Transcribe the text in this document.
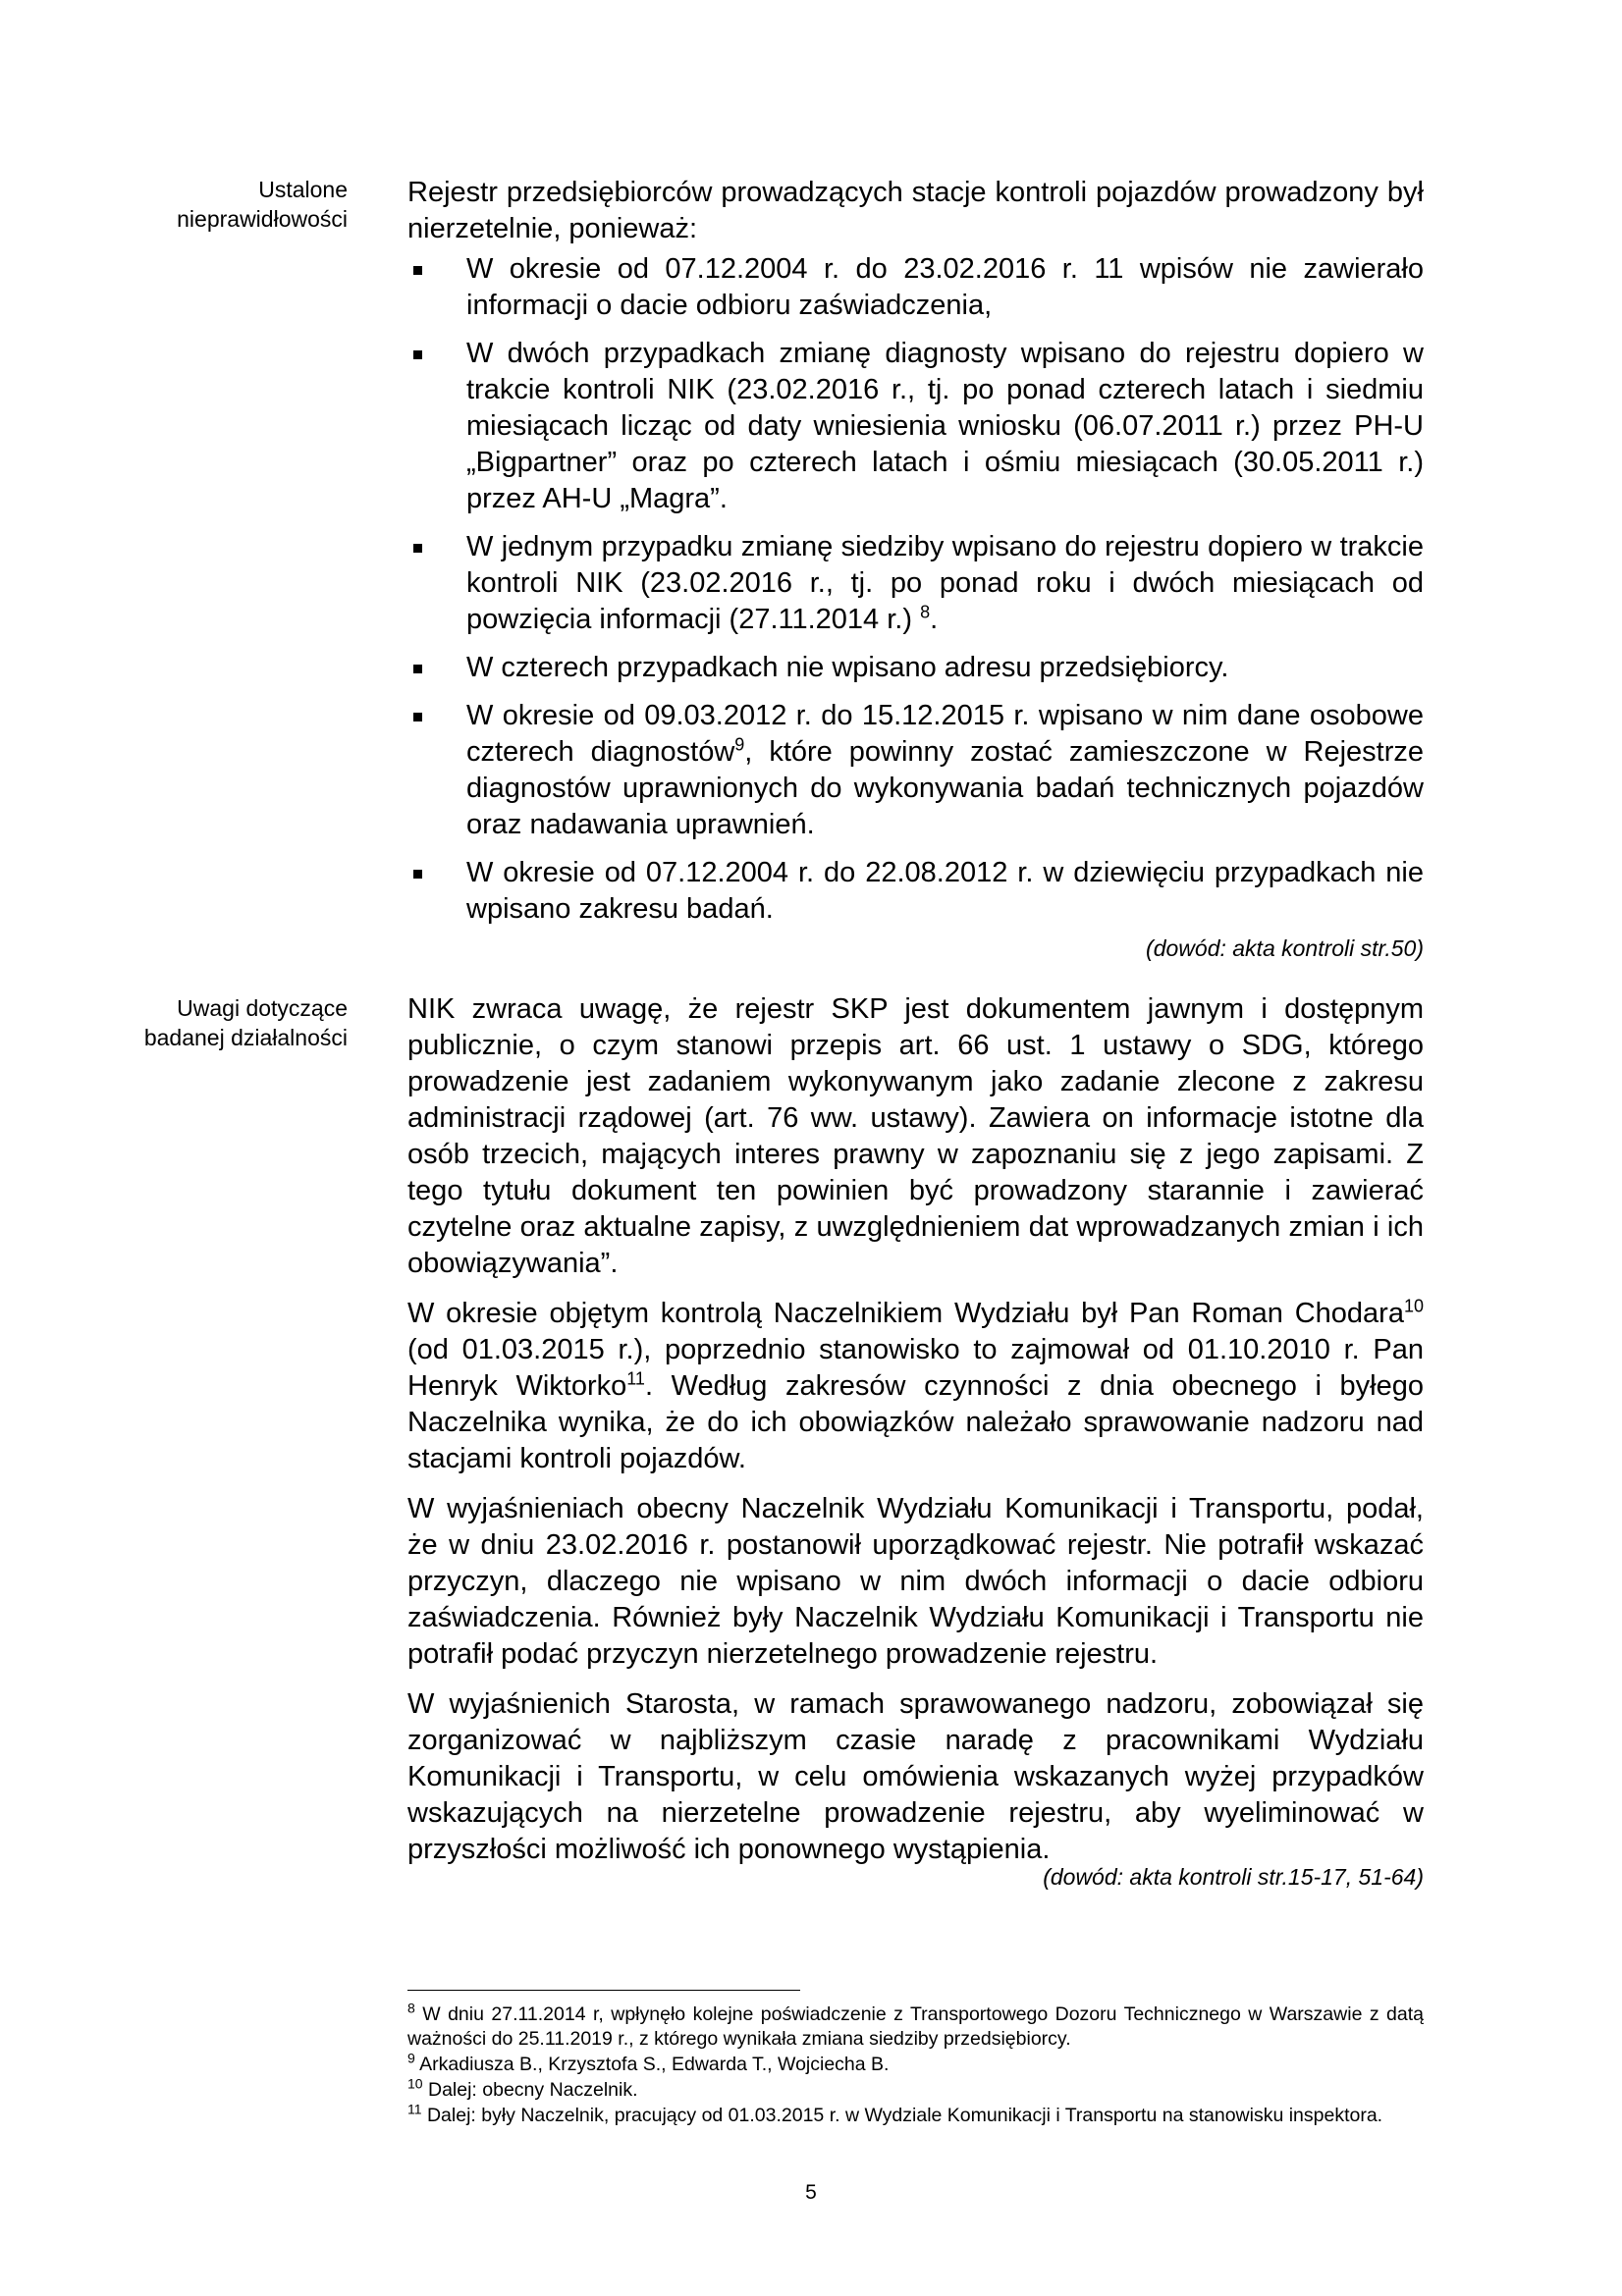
Ustalone
nieprawidłowości

Rejestr przedsiębiorców prowadzących stacje kontroli pojazdów prowadzony był nierzetelnie, ponieważ:

W okresie od 07.12.2004 r. do 23.02.2016 r. 11 wpisów nie zawierało informacji o dacie odbioru zaświadczenia,
W dwóch przypadkach zmianę diagnosty wpisano do rejestru dopiero w trakcie kontroli NIK (23.02.2016 r., tj. po ponad czterech latach i siedmiu miesiącach licząc od daty wniesienia wniosku (06.07.2011 r.) przez PH-U „Bigpartner” oraz po czterech latach i ośmiu miesiącach (30.05.2011 r.) przez AH-U „Magra”.
W jednym przypadku zmianę siedziby wpisano do rejestru dopiero w trakcie kontroli NIK (23.02.2016 r., tj. po ponad roku i dwóch miesiącach od powzięcia informacji (27.11.2014 r.) $^8$.
W czterech przypadkach nie wpisano adresu przedsiębiorcy.
W okresie od 09.03.2012 r. do 15.12.2015 r. wpisano w nim dane osobowe czterech diagnostów$^9$, które powinny zostać zamieszczone w Rejestrze diagnostów uprawnionych do wykonywania badań technicznych pojazdów oraz nadawania uprawnień.
W okresie od 07.12.2004 r. do 22.08.2012 r. w dziewięciu przypadkach nie wpisano zakresu badań.
(dowód: akta kontroli str.50)
Uwagi dotyczące
badanej działalności

NIK zwraca uwagę, że rejestr SKP jest dokumentem jawnym i dostępnym publicznie, o czym stanowi przepis art. 66 ust. 1 ustawy o SDG, którego prowadzenie jest zadaniem wykonywanym jako zadanie zlecone z zakresu administracji rządowej (art. 76 ww. ustawy). Zawiera on informacje istotne dla osób trzecich, mających interes prawny w zapoznaniu się z jego zapisami. Z tego tytułu dokument ten powinien być prowadzony starannie i zawierać czytelne oraz aktualne zapisy, z uwzględnieniem dat wprowadzanych zmian i ich obowiązywania”.

W okresie objętym kontrolą Naczelnikiem Wydziału był Pan Roman Chodara$^{10}$ (od 01.03.2015 r.), poprzednio stanowisko to zajmował od 01.10.2010 r. Pan Henryk Wiktorko$^{11}$. Według zakresów czynności z dnia obecnego i byłego Naczelnika wynika, że do ich obowiązków należało sprawowanie nadzoru nad stacjami kontroli pojazdów.

W wyjaśnieniach obecny Naczelnik Wydziału Komunikacji i Transportu, podał, że w dniu 23.02.2016 r. postanowił uporządkować rejestr. Nie potrafił wskazać przyczyn, dlaczego nie wpisano w nim dwóch informacji o dacie odbioru zaświadczenia. Również były Naczelnik Wydziału Komunikacji i Transportu nie potrafił podać przyczyn nierzetelnego prowadzenie rejestru.

W wyjaśnienich Starosta, w ramach sprawowanego nadzoru, zobowiązał się zorganizować w najbliższym czasie naradę z pracownikami Wydziału Komunikacji i Transportu, w celu omówienia wskazanych wyżej przypadków wskazujących na nierzetelne prowadzenie rejestru, aby wyeliminować w przyszłości możliwość ich ponownego wystąpienia.

(dowód: akta kontroli str.15-17, 51-64)

$^8$ W dniu 27.11.2014 r, wpłynęło kolejne poświadczenie z Transportowego Dozoru Technicznego w Warszawie z datą ważności do 25.11.2019 r., z którego wynikała zmiana siedziby przedsiębiorcy.

$^9$ Arkadiusza B., Krzysztofa S., Edwarda T., Wojciecha B.

$^{10}$ Dalej: obecny Naczelnik.

$^{11}$ Dalej: były Naczelnik, pracujący od 01.03.2015 r. w Wydziale Komunikacji i Transportu na stanowisku inspektora.

5
